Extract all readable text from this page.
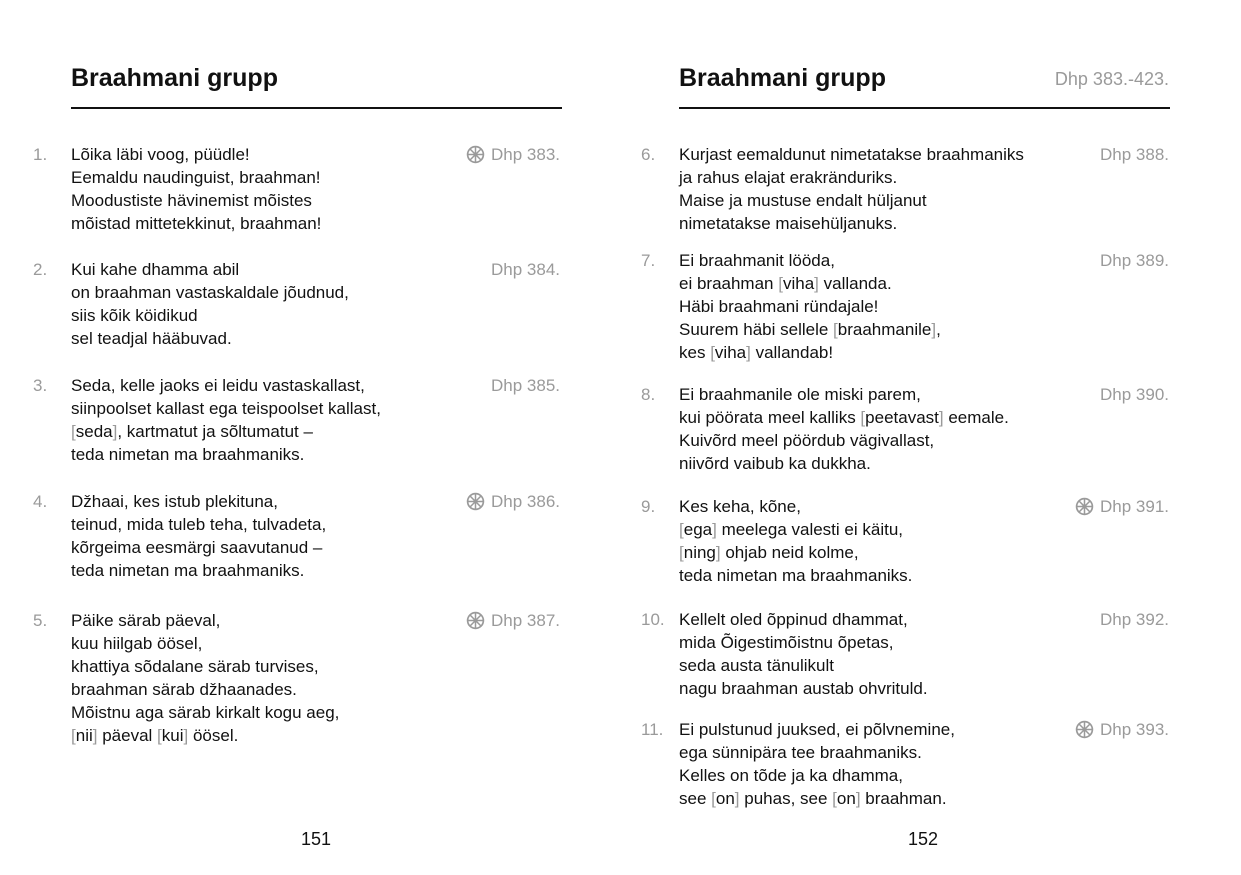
Braahmani grupp
1. Lõika läbi voog, püüdle!
Eemaldu naudinguist, braahman!
Moodustiste hävinemist mõistes
mõistad mittetekkinut, braahman!
Dhp 383.
2. Kui kahe dhamma abil
on braahman vastaskaldale jõudnud,
siis kõik köidikud
sel teadjal hääbuvad.
Dhp 384.
3. Seda, kelle jaoks ei leidu vastaskallast,
siinpoolset kallast ega teispoolset kallast,
[seda], kartmatut ja sõltumatut –
teda nimetan ma braahmaniks.
Dhp 385.
4. Džhaai, kes istub plekituna,
teinud, mida tuleb teha, tulvadeta,
kõrgeima eesmärgi saavutanud –
teda nimetan ma braahmaniks.
Dhp 386.
5. Päike särab päeval,
kuu hiilgab öösel,
khattiya sõdalane särab turvises,
braahman särab džhaanades.
Mõistnu aga särab kirkalt kogu aeg,
[nii] päeval [kui] öösel.
Dhp 387.
151
Braahmani grupp	Dhp 383.-423.
6. Kurjast eemaldunut nimetatakse braahmaniks
ja rahus elajat erakränduriks.
Maise ja mustuse endalt hüljanut
nimetatakse maisehüljanuks.
Dhp 388.
7. Ei braahmanit lööda,
ei braahman [viha] vallanda.
Häbi braahmani ründajale!
Suurem häbi sellele [braahmanile],
kes [viha] vallandab!
Dhp 389.
8. Ei braahmanile ole miski parem,
kui pöörata meel kalliks [peetavast] eemale.
Kuivõrd meel pöördub vägivallast,
niivõrd vaibub ka dukkha.
Dhp 390.
9. Kes keha, kõne,
[ega] meelega valesti ei käitu,
[ning] ohjab neid kolme,
teda nimetan ma braahmaniks.
Dhp 391.
10. Kellelt oled õppinud dhammat,
mida Õigestimõistnu õpetas,
seda austa tänulikult
nagu braahman austab ohvrituld.
Dhp 392.
11. Ei pulstunud juuksed, ei põlvnemine,
ega sünnipära tee braahmaniks.
Kelles on tõde ja ka dhamma,
see [on] puhas, see [on] braahman.
Dhp 393.
152
